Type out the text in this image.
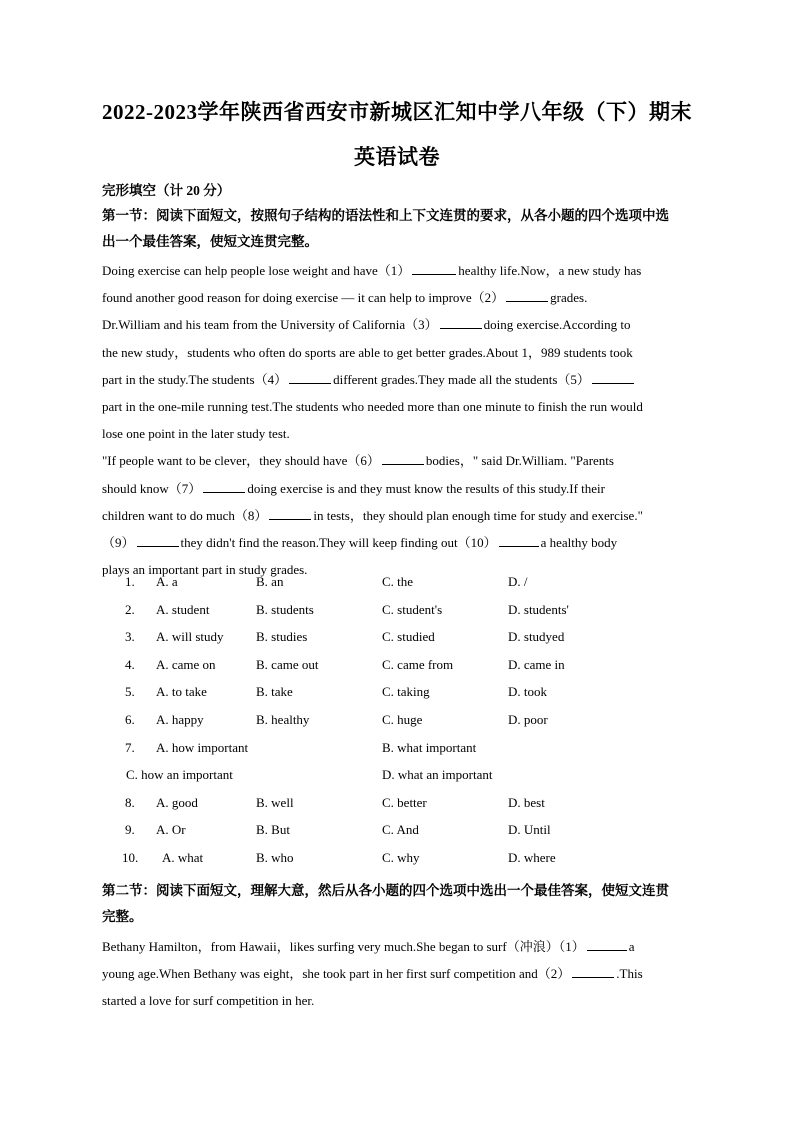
2022-2023学年陕西省西安市新城区汇知中学八年级（下）期末
英语试卷
完形填空（计 20 分）
第一节：阅读下面短文，按照句子结构的语法性和上下文连贯的要求，从各小题的四个选项中选
出一个最佳答案，使短文连贯完整。

Doing exercise can help people lose weight and have（1）	healthy life.Now，a new study has

found another good reason for doing exercise — it can help to improve（2）	grades.

Dr.William and his team from the University of California（3）	doing exercise.According to

the new study，students who often do sports are able to get better grades.About 1，989 students took

part in the study.The students（4）	different grades.They made all the students（5）

part in the one-mile running test.The students who needed more than one minute to finish the run would

lose one point in the later study test.

"If people want to be clever，they should have（6）	bodies，" said Dr.William. "Parents

should know（7）	doing exercise is and they must know the results of this study.If their

children want to do much（8）	in tests，they should plan enough time for study and exercise."

（9）	they didn't find the reason.They will keep finding out（10）	a healthy body

plays an important part in study grades.

1. A. a	B. an	C. the	D. /
2. A. student	B. students	C. student's	D. students'
3. A. will study B. studies	C. studied	D. studyed
4. A. came on	B. came out	C. came from	D. came in
5. A. to take	B. take	C. taking	D. took
6. A. happy	B. healthy	C. huge	D. poor
7. A. how important	B. what important
C. how an important	D. what an important
8. A. good	B. well	C. better	D. best
9. A. Or	B. But	C. And	D. Until
10. A. what	B. who	C. why	D. where
第二节：阅读下面短文，理解大意，然后从各小题的四个选项中选出一个最佳答案，使短文连贯
完整。

Bethany Hamilton，from Hawaii，likes surfing very much.She began to surf（冲浪）（1）	a

young age.When Bethany was eight，she took part in her first surf competition and（2）	.This

started a love for surf competition in her.
